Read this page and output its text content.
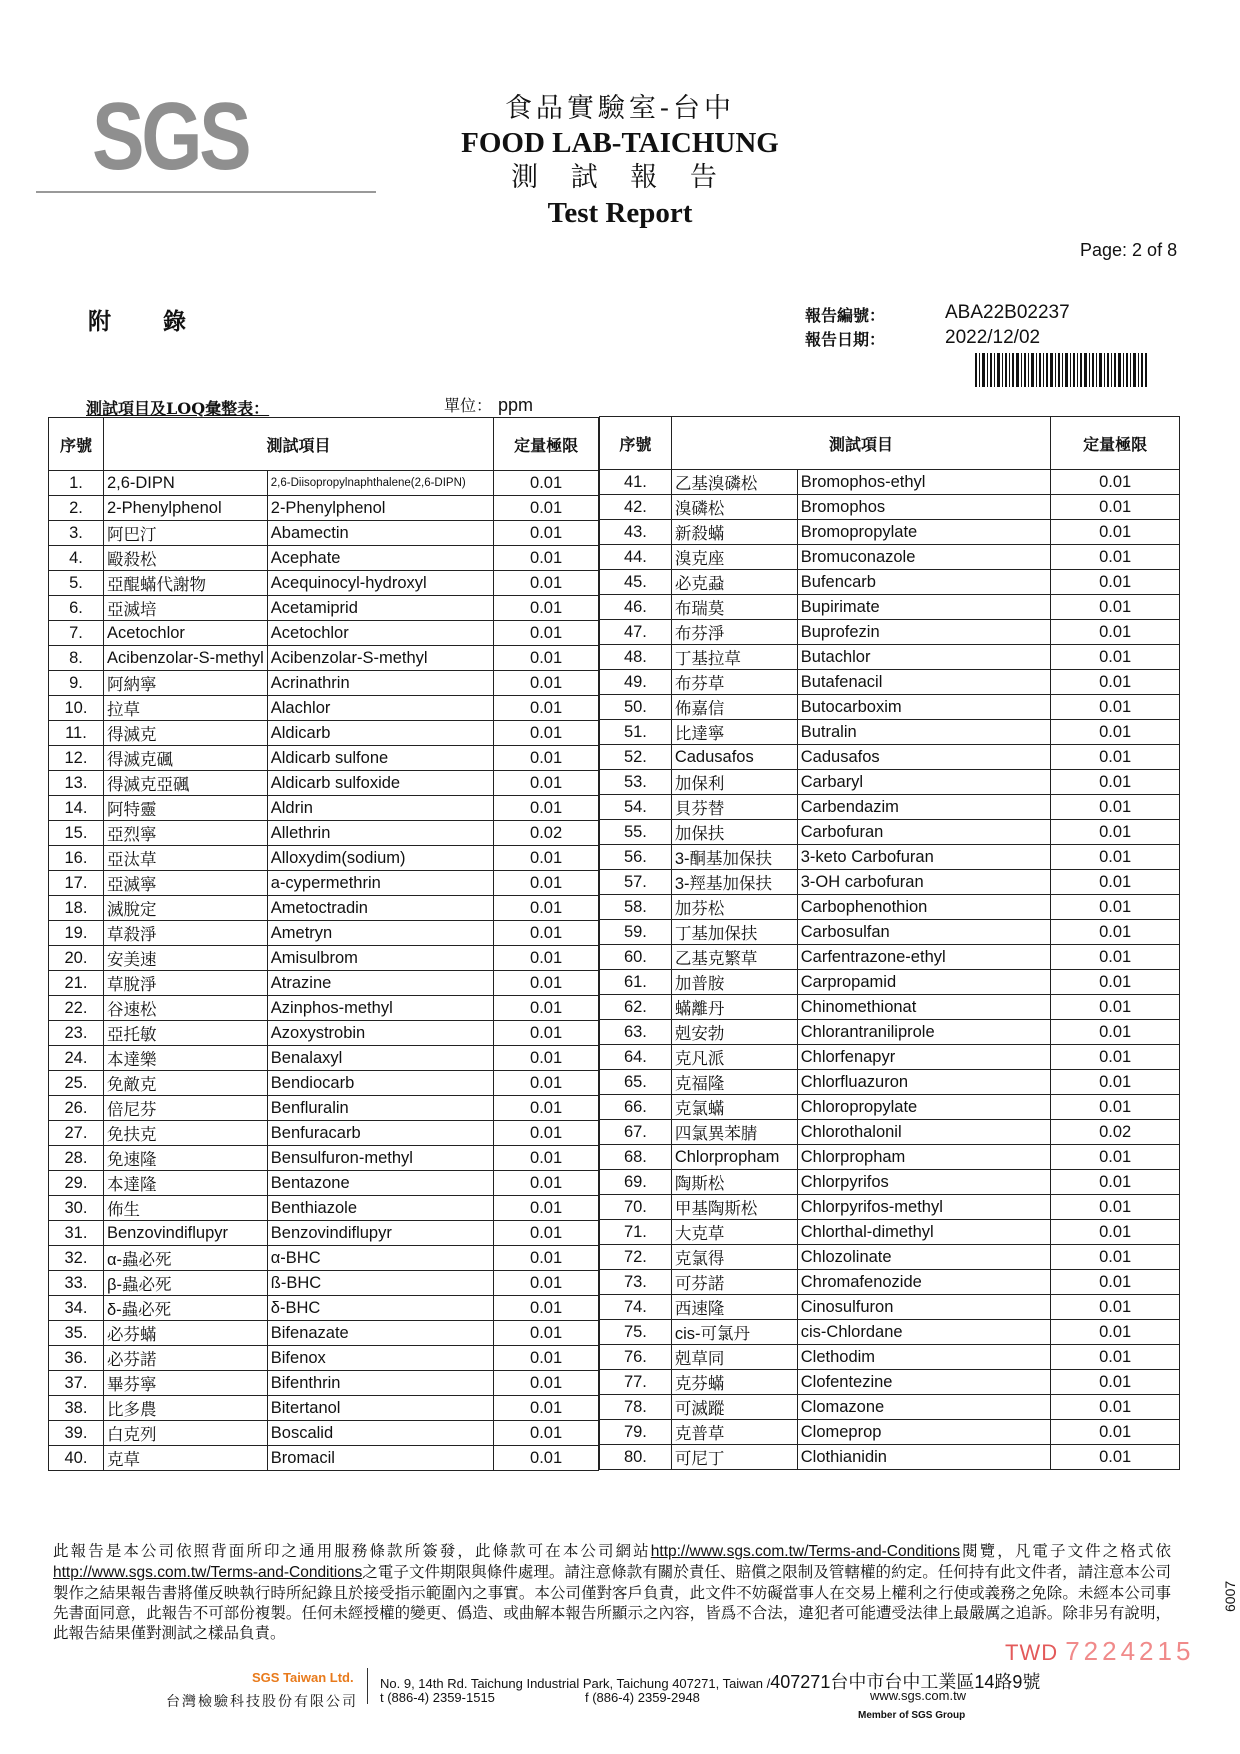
SGS	食品實驗室-台中
FOOD LAB-TAICHUNG
測 試 報 告
Test Report
Page: 2 of 8
附 錄	報告編號：
報告日期：
ABA22B02237
2022/12/02
測試項目及LOQ彙整表：	單位： ppm
序號	測試項目		定量極限
1.	2,6-DIPN	2,6-Diisopropylnaphthalene(2,6-DIPN)	0.01
2.	2-Phenylphenol	2-Phenylphenol	0.01
3.	阿巴汀	Abamectin	0.01
4.	毆殺松	Acephate	0.01
5.	亞醌蟎代謝物	Acequinocyl-hydroxyl	0.01
6.	亞滅培	Acetamiprid	0.01
7.	Acetochlor	Acetochlor	0.01
8.	Acibenzolar-S-methyl	Acibenzolar-S-methyl	0.01
9.	阿納寧	Acrinathrin	0.01
10.	拉草	Alachlor	0.01
11.	得滅克	Aldicarb	0.01
12.	得滅克碸	Aldicarb sulfone	0.01
13.	得滅克亞碸	Aldicarb sulfoxide	0.01
14.	阿特靈	Aldrin	0.01
15.	亞烈寧	Allethrin	0.02
16.	亞汰草	Alloxydim(sodium)	0.01
17.	亞滅寧	a-cypermethrin	0.01
18.	滅脫定	Ametoctradin	0.01
19.	草殺淨	Ametryn	0.01
20.	安美速	Amisulbrom	0.01
21.	草脫淨	Atrazine	0.01
22.	谷速松	Azinphos-methyl	0.01
23.	亞托敏	Azoxystrobin	0.01
24.	本達樂	Benalaxyl	0.01
25.	免敵克	Bendiocarb	0.01
26.	倍尼芬	Benfluralin	0.01
27.	免扶克	Benfuracarb	0.01
28.	免速隆	Bensulfuron-methyl	0.01
29.	本達隆	Bentazone	0.01
30.	佈生	Benthiazole	0.01
31.	Benzovindiflupyr	Benzovindiflupyr	0.01
32.	α-蟲必死	α-BHC	0.01
33.	β-蟲必死	ß-BHC	0.01
34.	δ-蟲必死	δ-BHC	0.01
35.	必芬蟎	Bifenazate	0.01
36.	必芬諾	Bifenox	0.01
37.	畢芬寧	Bifenthrin	0.01
38.	比多農	Bitertanol	0.01
39.	白克列	Boscalid	0.01
40.	克草	Bromacil	0.01
序號	測試項目		定量極限
41.	乙基溴磷松	Bromophos-ethyl	0.01
42.	溴磷松	Bromophos	0.01
43.	新殺蟎	Bromopropylate	0.01
44.	溴克座	Bromuconazole	0.01
45.	必克蝨	Bufencarb	0.01
46.	布瑞莫	Bupirimate	0.01
47.	布芬淨	Buprofezin	0.01
48.	丁基拉草	Butachlor	0.01
49.	布芬草	Butafenacil	0.01
50.	佈嘉信	Butocarboxim	0.01
51.	比達寧	Butralin	0.01
52.	Cadusafos	Cadusafos	0.01
53.	加保利	Carbaryl	0.01
54.	貝芬替	Carbendazim	0.01
55.	加保扶	Carbofuran	0.01
56.	3-酮基加保扶	3-keto Carbofuran	0.01
57.	3-羥基加保扶	3-OH carbofuran	0.01
58.	加芬松	Carbophenothion	0.01
59.	丁基加保扶	Carbosulfan	0.01
60.	乙基克繁草	Carfentrazone-ethyl	0.01
61.	加普胺	Carpropamid	0.01
62.	蟎離丹	Chinomethionat	0.01
63.	剋安勃	Chlorantraniliprole	0.01
64.	克凡派	Chlorfenapyr	0.01
65.	克福隆	Chlorfluazuron	0.01
66.	克氯蟎	Chloropropylate	0.01
67.	四氯異苯腈	Chlorothalonil	0.02
68.	Chlorpropham	Chlorpropham	0.01
69.	陶斯松	Chlorpyrifos	0.01
70.	甲基陶斯松	Chlorpyrifos-methyl	0.01
71.	大克草	Chlorthal-dimethyl	0.01
72.	克氯得	Chlozolinate	0.01
73.	可芬諾	Chromafenozide	0.01
74.	西速隆	Cinosulfuron	0.01
75.	cis-可氯丹	cis-Chlordane	0.01
76.	剋草同	Clethodim	0.01
77.	克芬蟎	Clofentezine	0.01
78.	可滅蹤	Clomazone	0.01
79.	克普草	Clomeprop	0.01
80.	可尼丁	Clothianidin	0.01
此報告是本公司依照背面所印之通用服務條款所簽發，此條款可在本公司網站http://www.sgs.com.tw/Terms-and-Conditions閱覽，凡電子文件之格式依http://www.sgs.com.tw/Terms-and-Conditions之電子文件期限與條件處理。請注意條款有關於責任、賠償之限制及管轄權的約定。任何持有此文件者，請注意本公司製作之結果報告書將僅反映執行時所紀錄且於接受指示範圍內之事實。本公司僅對客戶負責，此文件不妨礙當事人在交易上權利之行使或義務之免除。未經本公司事先書面同意，此報告不可部份複製。任何未經授權的變更、僞造、或曲解本報告所顯示之內容，皆爲不合法，違犯者可能遭受法律上最嚴厲之追訴。除非另有說明，此報告結果僅對測試之樣品負責。
TWD 7224215
6007
SGS Taiwan Ltd.
台灣檢驗科技股份有限公司
No. 9, 14th Rd. Taichung Industrial Park, Taichung 407271, Taiwan /407271台中市台中工業區14路9號
t (886-4) 2359-1515	f (886-4) 2359-2948	www.sgs.com.tw
Member of SGS Group
